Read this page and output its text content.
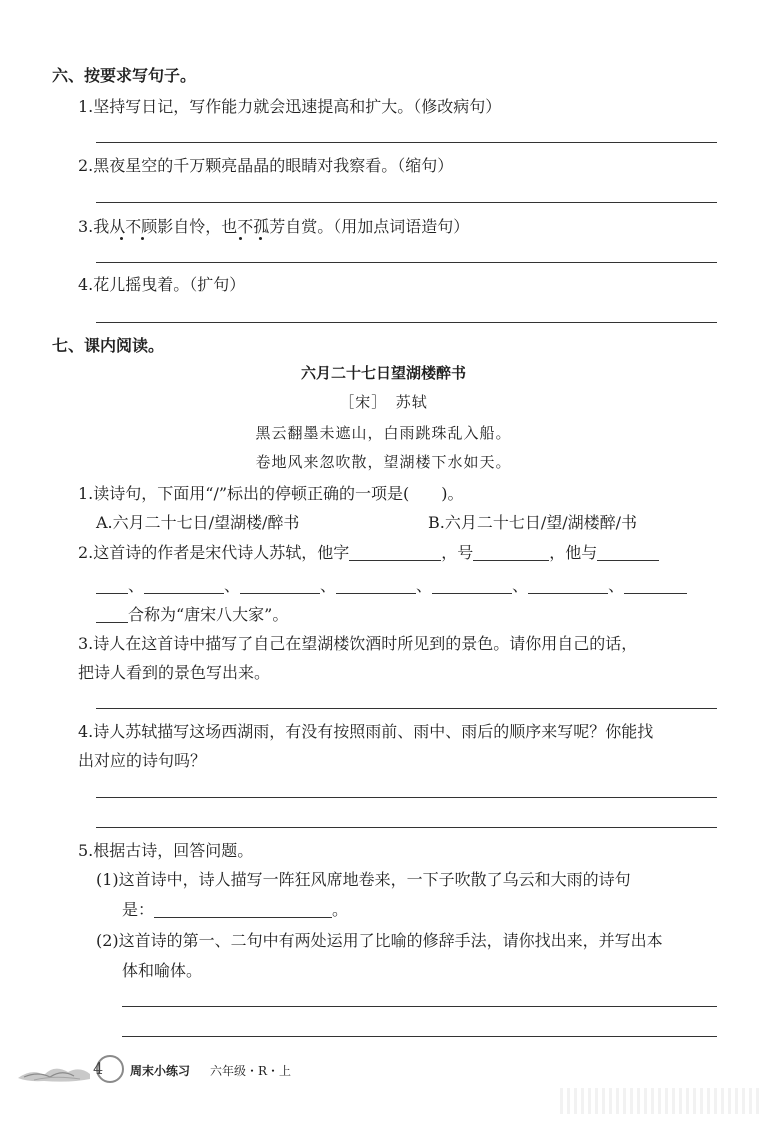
六、按要求写句子。
1.坚持写日记，写作能力就会迅速提高和扩大。（修改病句）
2.黑夜星空的千万颗亮晶晶的眼睛对我察看。（缩句）
3.我从不顾影自怜，也不孤芳自赏。（用加点词语造句）
4.花儿摇曳着。（扩句）
七、课内阅读。
六月二十七日望湖楼醉书
［宋］　苏轼
黑云翻墨未遮山，白雨跳珠乱入船。
卷地风来忽吹散，望湖楼下水如天。
1.读诗句，下面用“/”标出的停顿正确的一项是(　　)。
A.六月二十七日/望湖楼/醉书	B.六月二十七日/望/湖楼醉/书
2.这首诗的作者是宋代诗人苏轼，他字	，号	，他与
、	、	、	、	、	、
合称为“唐宋八大家”。
3.诗人在这首诗中描写了自己在望湖楼饮酒时所见到的景色。请你用自己的话，
把诗人看到的景色写出来。
4.诗人苏轼描写这场西湖雨，有没有按照雨前、雨中、雨后的顺序来写呢？你能找
出对应的诗句吗？
5.根据古诗，回答问题。
(1)这首诗中，诗人描写一阵狂风席地卷来，一下子吹散了乌云和大雨的诗句
是：	。
(2)这首诗的第一、二句中有两处运用了比喻的修辞手法，请你找出来，并写出本
体和喻体。
4 周末小练习 六年级・R・上
